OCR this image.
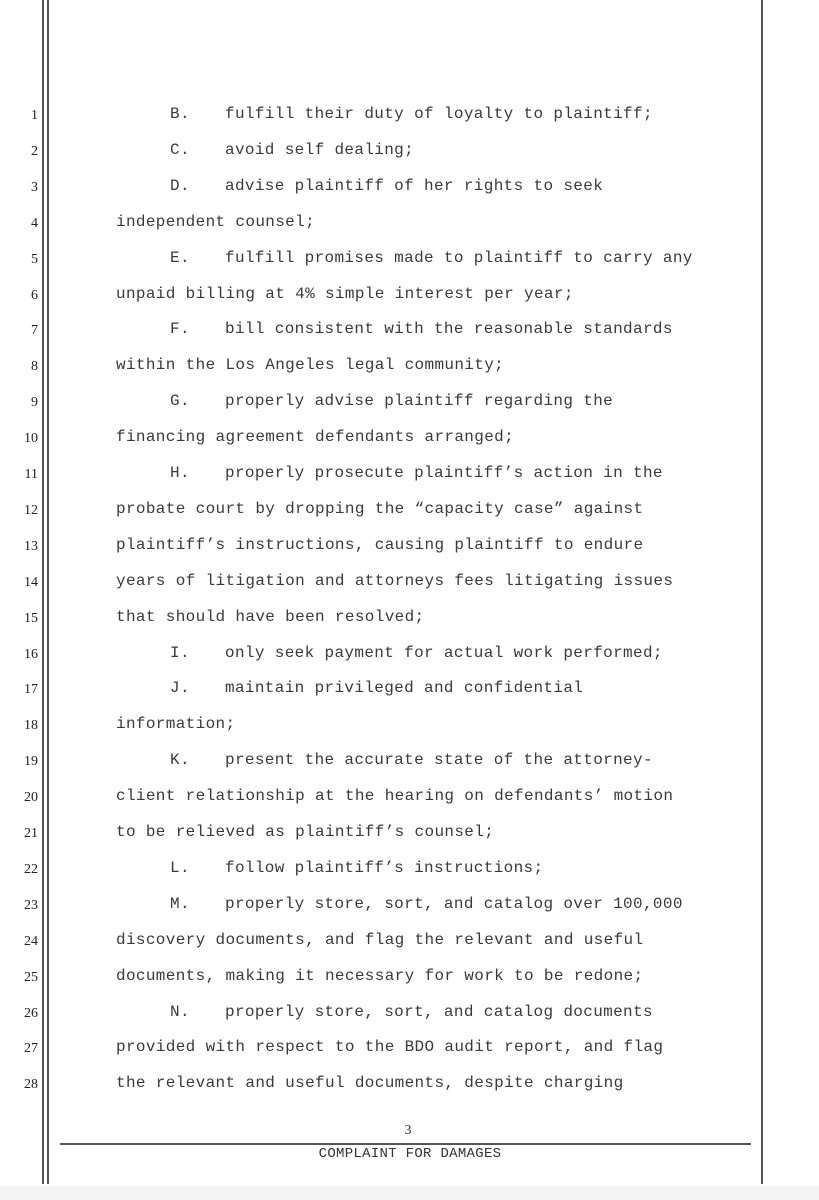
1
2
3
4
5
6
7
8
9
10
11
12
13
14
15
16
17
18
19
20
21
22
23
24
25
26
27
28
B. fulfill their duty of loyalty to plaintiff;
C. avoid self dealing;
D. advise plaintiff of her rights to seek
independent counsel;
E. fulfill promises made to plaintiff to carry any
unpaid billing at 4% simple interest per year;
F. bill consistent with the reasonable standards
within the Los Angeles legal community;
G. properly advise plaintiff regarding the
financing agreement defendants arranged;
H. properly prosecute plaintiff’s action in the
probate court by dropping the “capacity case” against
plaintiff’s instructions, causing plaintiff to endure
years of litigation and attorneys fees litigating issues
that should have been resolved;
I. only seek payment for actual work performed;
J. maintain privileged and confidential
information;
K. present the accurate state of the attorney-
client relationship at the hearing on defendants’ motion
to be relieved as plaintiff’s counsel;
L. follow plaintiff’s instructions;
M. properly store, sort, and catalog over 100,000
discovery documents, and flag the relevant and useful
documents, making it necessary for work to be redone;
N. properly store, sort, and catalog documents
provided with respect to the BDO audit report, and flag
the relevant and useful documents, despite charging
3
COMPLAINT FOR DAMAGES
